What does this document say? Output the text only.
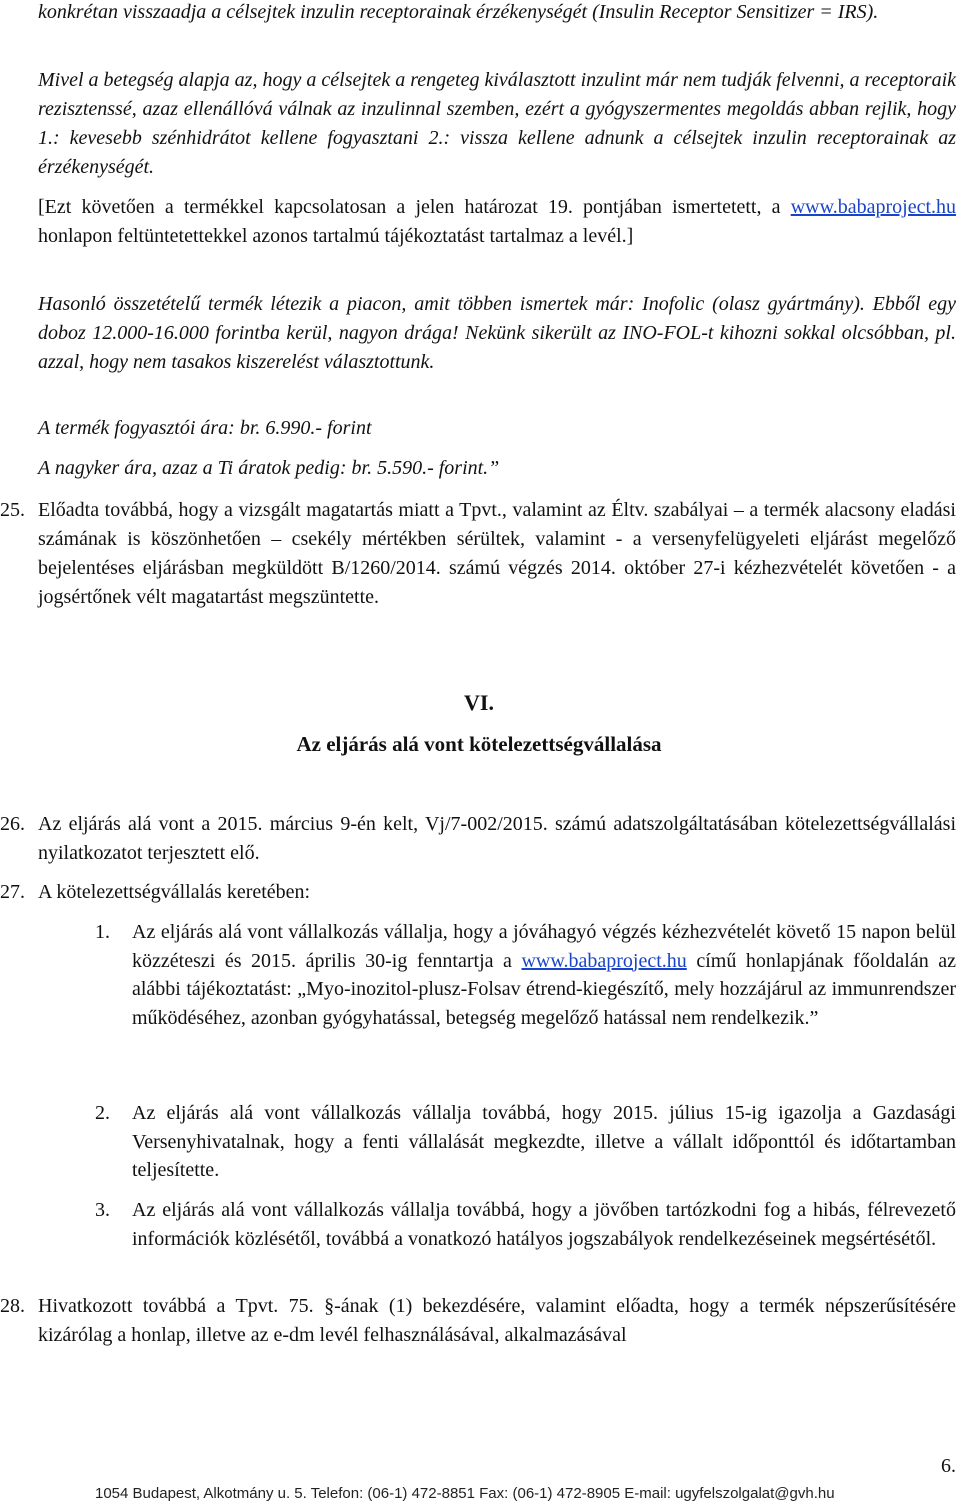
konkrétan visszaadja a célsejtek inzulin receptorainak érzékenységét (Insulin Receptor Sensitizer = IRS).
Mivel a betegség alapja az, hogy a célsejtek a rengeteg kiválasztott inzulint már nem tudják felvenni, a receptoraik rezisztenssé, azaz ellenállóvá válnak az inzulinnal szemben, ezért a gyógyszermentes megoldás abban rejlik, hogy 1.: kevesebb szénhidrátot kellene fogyasztani 2.: vissza kellene adnunk a célsejtek inzulin receptorainak az érzékenységét.
[Ezt követően a termékkel kapcsolatosan a jelen határozat 19. pontjában ismertetett, a www.babaproject.hu honlapon feltüntetettekkel azonos tartalmú tájékoztatást tartalmaz a levél.]
Hasonló összetételű termék létezik a piacon, amit többen ismertek már: Inofolic (olasz gyártmány). Ebből egy doboz 12.000-16.000 forintba kerül, nagyon drága! Nekünk sikerült az INO-FOL-t kihozni sokkal olcsóbban, pl. azzal, hogy nem tasakos kiszerelést választottunk.
A termék fogyasztói ára: br. 6.990.- forint
A nagyker ára, azaz a Ti áratok pedig: br. 5.590.- forint.”
25. Előadta továbbá, hogy a vizsgált magatartás miatt a Tpvt., valamint az Éltv. szabályai – a termék alacsony eladási számának is köszönhetően – csekély mértékben sérültek, valamint - a versenyfelügyeleti eljárást megelőző bejelentéses eljárásban megküldött B/1260/2014. számú végzés 2014. október 27-i kézhezvételét követően - a jogsértőnek vélt magatartást megszüntette.
VI.
Az eljárás alá vont kötelezettségvállalása
26. Az eljárás alá vont a 2015. március 9-én kelt, Vj/7-002/2015. számú adatszolgáltatásában kötelezettségvállalási nyilatkozatot terjesztett elő.
27. A kötelezettségvállalás keretében:
1.	Az eljárás alá vont vállalkozás vállalja, hogy a jóváhagyó végzés kézhezvételét követő 15 napon belül közzéteszi és 2015. április 30-ig fenntartja a www.babaproject.hu című honlapjának főoldalán az alábbi tájékoztatást: „Myo-inozitol-plusz-Folsav étrend-kiegészítő, mely hozzájárul az immunrendszer működéséhez, azonban gyógyhatással, betegség megelőző hatással nem rendelkezik.”
2.	Az eljárás alá vont vállalkozás vállalja továbbá, hogy 2015. július 15-ig igazolja a Gazdasági Versenyhivatalnak, hogy a fenti vállalását megkezdte, illetve a vállalt időponttól és időtartamban teljesítette.
3.	Az eljárás alá vont vállalkozás vállalja továbbá, hogy a jövőben tartózkodni fog a hibás, félrevezető információk közlésétől, továbbá a vonatkozó hatályos jogszabályok rendelkezéseinek megsértésétől.
28. Hivatkozott továbbá a Tpvt. 75. §-ának (1) bekezdésére, valamint előadta, hogy a termék népszerűsítésére kizárólag a honlap, illetve az e-dm levél felhasználásával, alkalmazásával
6.
1054 Budapest, Alkotmány u. 5. Telefon: (06-1) 472-8851 Fax: (06-1) 472-8905 E-mail: ugyfelszolgalat@gvh.hu
